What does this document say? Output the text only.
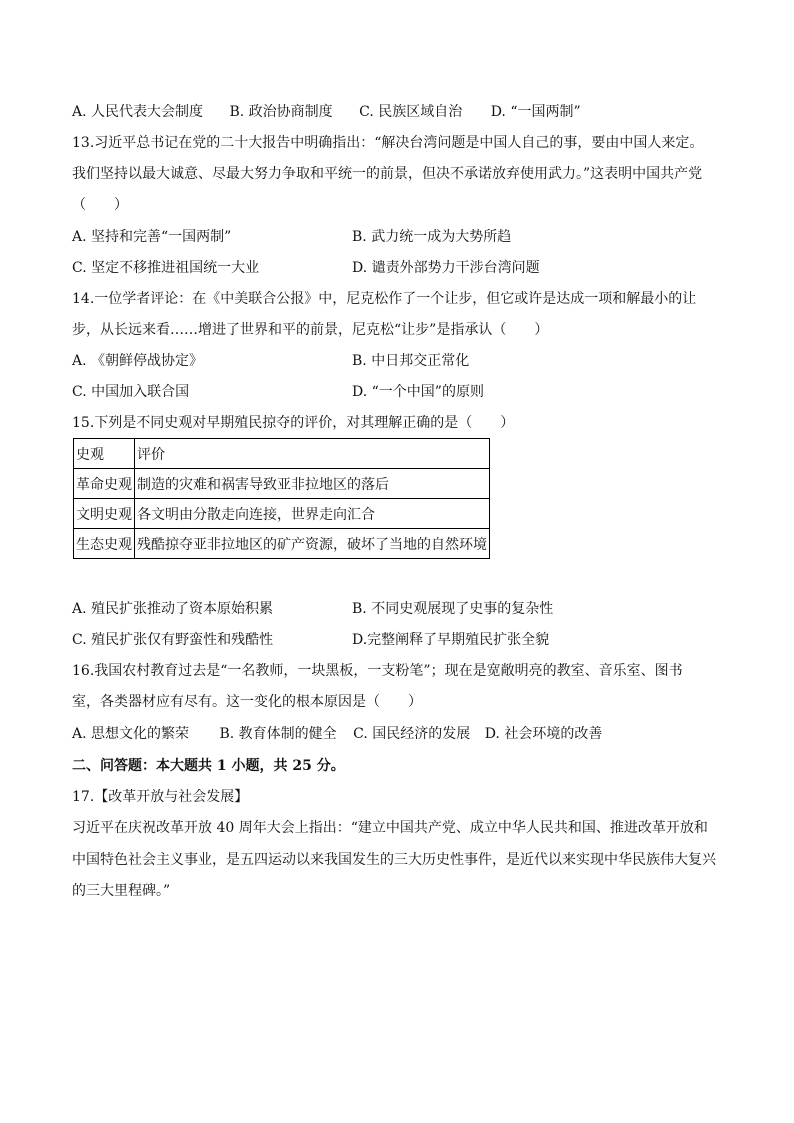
A. 人民代表大会制度 B. 政治协商制度 C. 民族区域自治 D. “一国两制”
13.习近平总书记在党的二十大报告中明确指出：“解决台湾问题是中国人自己的事，要由中国人来定。
我们坚持以最大诚意、尽最大努力争取和平统一的前景，但决不承诺放弃使用武力。”这表明中国共产党
（　　）
A. 坚持和完善“一国两制”	B. 武力统一成为大势所趋
C. 坚定不移推进祖国统一大业	D. 谴责外部势力干涉台湾问题
14.一位学者评论：在《中美联合公报》中，尼克松作了一个让步，但它或许是达成一项和解最小的让
步，从长远来看……增进了世界和平的前景，尼克松“让步”是指承认（　　）
A. 《朝鲜停战协定》	B. 中日邦交正常化
C. 中国加入联合国	D. “一个中国”的原则
15.下列是不同史观对早期殖民掠夺的评价，对其理解正确的是（　　）
史观	评价
革命史观	制造的灾难和祸害导致亚非拉地区的落后
文明史观	各文明由分散走向连接，世界走向汇合
生态史观	残酷掠夺亚非拉地区的矿产资源，破坏了当地的自然环境
A. 殖民扩张推动了资本原始积累	B. 不同史观展现了史事的复杂性
C. 殖民扩张仅有野蛮性和残酷性	D.完整阐释了早期殖民扩张全貌
16.我国农村教育过去是“一名教师，一块黑板，一支粉笔”；现在是宽敞明亮的教室、音乐室、图书
室，各类器材应有尽有。这一变化的根本原因是（　　）
A. 思想文化的繁荣 B. 教育体制的健全 C. 国民经济的发展 D. 社会环境的改善
二、问答题：本大题共 1 小题，共 25 分。
17.【改革开放与社会发展】
习近平在庆祝改革开放 40 周年大会上指出：“建立中国共产党、成立中华人民共和国、推进改革开放和
中国特色社会主义事业，是五四运动以来我国发生的三大历史性事件，是近代以来实现中华民族伟大复兴
的三大里程碑。”
